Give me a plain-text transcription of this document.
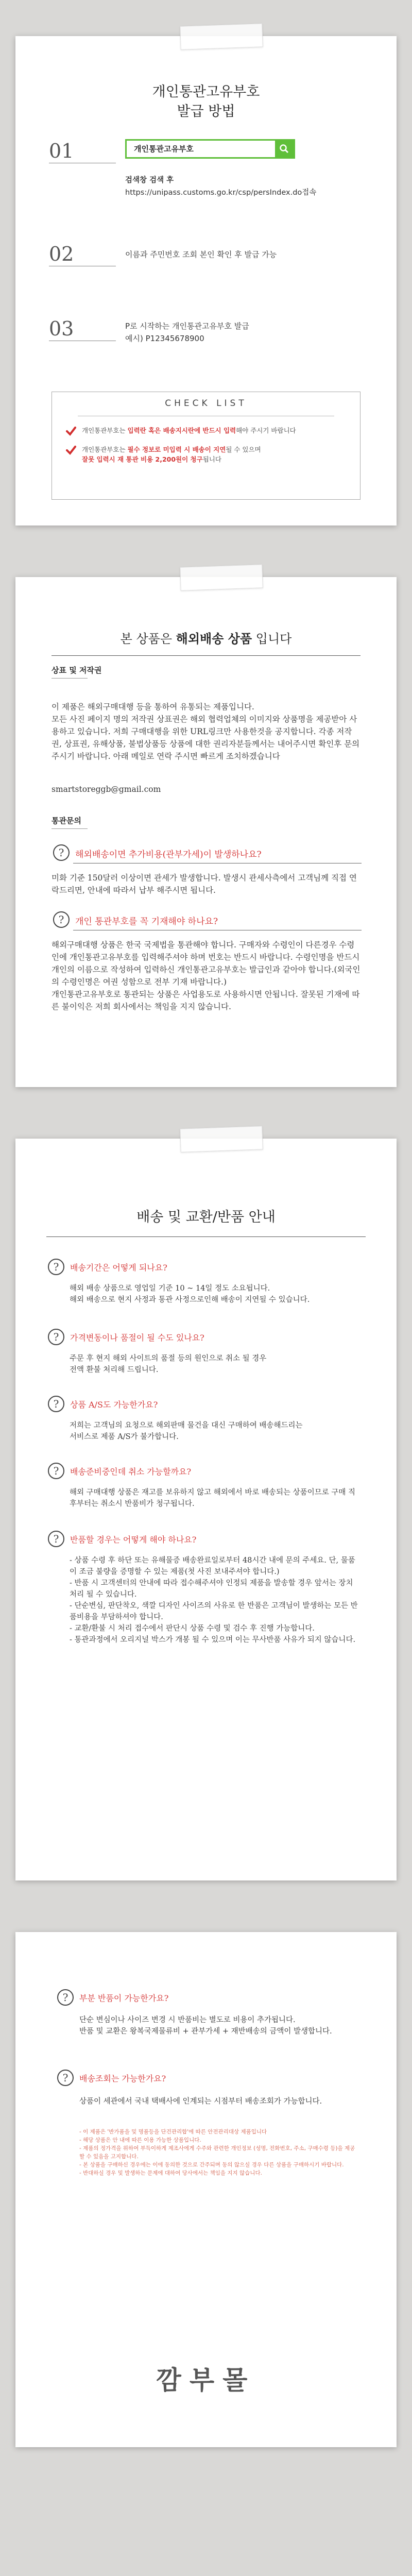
개인통관고유부호
발급 방법
01	개인통관고유부호
검색창 검색 후
https://unipass.customs.go.kr/csp/persIndex.do접속
02	이름과 주민번호 조회 본인 확인 후 발급 가능
03	P로 시작하는 개인통관고유부호 발급
예시) P12345678900
CHECK LIST
개인통관부호는 입력란 혹은 배송지시란에 반드시 입력해야 주시기 바랍니다
개인통관부호는 필수 정보로 미입력 시 배송이 지연될 수 있으며
잘못 입력시 재 통관 비용 2,200원이 청구됩니다
본 상품은 해외배송 상품 입니다
상표 및 저작권
이 제품은 해외구매대행 등을 통하여 유통되는 제품입니다.
모든 사진 페이지 명의 저작권 상표권은 해외 협력업체의 이미지와 상품명을 제공받아 사용하고 있습니다. 저희 구매대행을 위한 URL링크만 사용한것을 공지합니다. 각종 저작권, 상표권, 유해상품, 불법상품등 상품에 대한 권리자분들께서는 내어주시면 확인후 문의 주시기 바랍니다. 아래 메일로 연락 주시면 빠르게 조치하겠습니다
smartstoreggb@gmail.com
통관문의
? 해외배송이면 추가비용(관부가세)이 발생하나요?
미화 기준 150달러 이상이면 관세가 발생합니다. 발생시 관세사측에서 고객님께 직접 연락드리면, 안내에 따라서 납부 해주시면 됩니다.
? 개인 통관부호를 꼭 기재해야 하나요?
해외구매대행 상품은 한국 국제법을 통관해야 합니다. 구매자와 수령인이 다른경우 수령인에 개인통관고유부호를 입력해주셔야 하며 번호는 반드시 바랍니다. 수령인명을 반드시 개인의 이름으로 작성하여 입력하신 개인통관고유부호는 발급인과 같아야 합니다.(외국인의 수령인명은 여권 성함으로 전부 기재 바랍니다.)
개인통관고유부호로 통관되는 상품은 사업용도로 사용하시면 안됩니다. 잘못된 기재에 따른 불이익은 저희 회사에서는 책임을 지지 않습니다.
배송 및 교환/반품 안내
? 배송기간은 어떻게 되나요?
해외 배송 상품으로 영업일 기준 10 ~ 14일 정도 소요됩니다.
해외 배송으로 현지 사정과 통관 사정으로인해 배송이 지연될 수 있습니다.
? 가격변동이나 품절이 될 수도 있나요?
주문 후 현지 해외 사이트의 품절 등의 원인으로 취소 될 경우
전액 환불 처리해 드립니다.
? 상품 A/S도 가능한가요?
저희는 고객님의 요청으로 해외판매 물건을 대신 구매하여 배송해드리는
서비스로 제품 A/S가 불가합니다.
? 배송준비중인데 취소 가능할까요?
해외 구매대행 상품은 재고를 보유하지 않고 해외에서 바로 배송되는 상품이므로 구매 직후부터는 취소시 반품비가 청구됩니다.
? 반품할 경우는 어떻게 해야 하나요?
- 상품 수령 후 하단 또는 유해물증 배송완료일로부터 48시간 내에 문의 주세요. 단, 물품이 조금 불량을 증명할 수 있는 제품(첫 사진 보내주셔야 합니다.)
- 반품 시 고객센터의 안내에 따라 접수해주셔야 인정되 제품을 발송할 경우 앞서는 장치 처리 될 수 있습니다.
- 단순변심, 판단착오, 색깔 디자인 사이즈의 사유로 한 반품은 고객님이 발생하는 모든 반품비용을 부담하셔야 합니다.
- 교환/환불 시 처리 접수에서 판단시 상품 수령 및 검수 후 진행 가능합니다.
- 통관과정에서 오리지널 박스가 개봉 될 수 있으며 이는 무사반품 사유가 되지 않습니다.
? 부분 반품이 가능한가요?
단순 변심이나 사이즈 변경 시 반품비는 별도로 비용이 추가됩니다.
반품 및 교환은 왕복국제물류비 + 관부가세 + 재반배송의 금액이 발생합니다.
? 배송조회는 가능한가요?
상품이 세관에서 국내 택배사에 인계되는 시점부터 배송조회가 가능합니다.
- 이 제품은 '반가품을 및 명품등을 단건관리합'에 따른 안전관리대상 제품입니다
- 해당 상품은 안 내에 따른 이용 가능한 상품입니다.
- 제품의 정가격을 위하여 부득이하게 제조사에게 수주와 관련한 개인정보 (성명, 전화번호, 주소, 구매수령 등)을 제공할 수 있음을 고지합니다.
- 본 상품을 구매하신 경우에는 이에 동의한 것으로 간주되며 동의 않으실 경우 다른 상품을 구매하시기 바랍니다.
- 반대하실 경우 및 발생하는 문제에 대하여 당사에서는 책임을 지지 않습니다.
깜부몰
